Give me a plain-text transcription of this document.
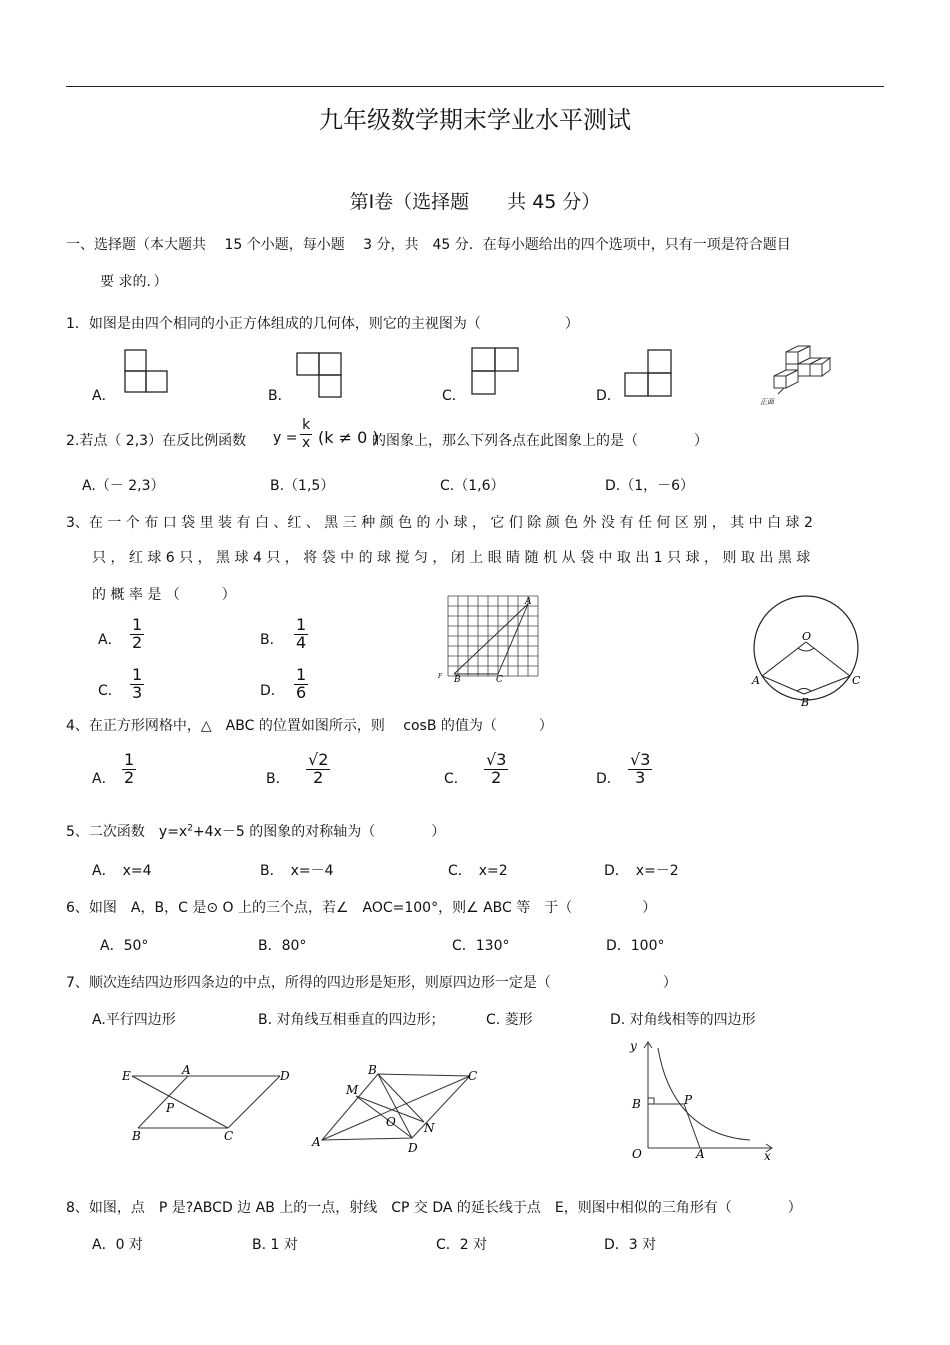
九年级数学期末学业水平测试
第Ⅰ卷（选择题　　共 45 分）
一、选择题（本大题共　 15 个小题，每小题　 3 分，共　45 分．在每小题给出的四个选项中，只有一项是符合题目
要 求的．）
1．如图是由四个相同的小正方体组成的几何体，则它的主视图为（　　　　　　）
A．	B．	C．	D．	正面
2.若点（ 2,3）在反比例函数 y =
k
x (k ≠ 0 )
的图象上，那么下列各点在此图象上的是（　　　　）
A.（－ 2,3）	B.（1,5）	C.（1,6）	D.（1，－6）
3、在 一 个 布 口 袋 里 装 有 白 、红 、 黑 三 种 颜 色 的 小 球 ， 它 们 除 颜 色 外 没 有 任 何 区 别 ， 其 中 白 球 2
只 ， 红 球 6 只 ， 黑 球 4 只 ， 将 袋 中 的 球 搅 匀 ， 闭 上 眼 睛 随 机 从 袋 中 取 出 1 只 球 ， 则 取 出 黑 球
的 概 率 是 （　　　）
A． $\frac{1}{2}$	B． $\frac{1}{4}$
C． $\frac{1}{3}$	D． $\frac{1}{6}$
A
B	C
F
O
A
B
C
4、在正方形网格中，△　ABC 的位置如图所示，则　 cosB 的值为（　　　）
A． $\frac{1}{2}$	B． $\frac{√2}{2}$	C． $\frac{√3}{2}$	D． $\frac{√3}{3}$
5、二次函数　$y=x^2+4x-5$ 的图象的对称轴为（　　　　）
A．　x=4	B．　x=－4	C．　x=2	D．　x=－2
6、如图　A，B，C 是⊙ O 上的三个点，若∠　AOC=100°，则∠ ABC 等　于（　　　　　）
A．50°	B．80°	C．130°	D．100°
7、顺次连结四边形四条边的中点，所得的四边形是矩形，则原四边形一定是（　　　　　　　　）
A.平行四边形	B. 对角线互相垂直的四边形；	C. 菱形	D. 对角线相等的四边形
E	A	D
P
B	C
B	C
M
O N
A	D
y
B	P
O	A	x
8、如图，点　P 是?ABCD 边 AB 上的一点，射线　CP 交 DA 的延长线于点　E，则图中相似的三角形有（　　　　）
A．0 对	B. 1 对	C．2 对	D．3 对
